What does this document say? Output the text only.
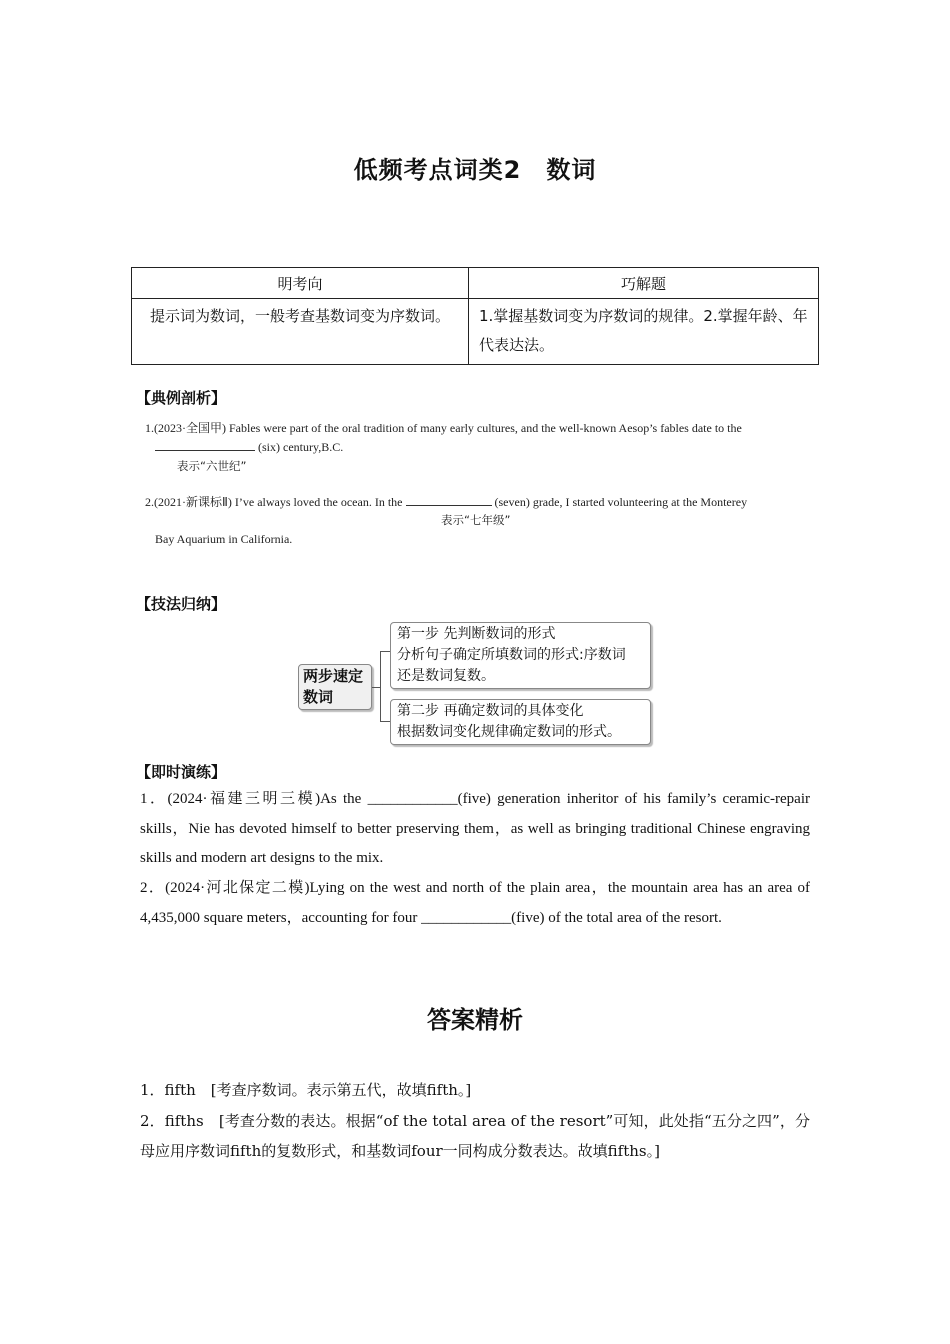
低频考点词类2　数词
明考向	巧解题
提示词为数词，一般考查基数词变为序数词。	1.掌握基数词变为序数词的规律。2.掌握年龄、年代表达法。
【典例剖析】
1.(2023·全国甲) Fables were part of the oral tradition of many early cultures, and the well-known Aesop’s fables date to the
(six) century,B.C.
表示“六世纪”
2.(2021·新课标Ⅱ) I’ve always loved the ocean. In the	(seven) grade, I started volunteering at the Monterey
表示“七年级”
Bay Aquarium in California.
【技法归纳】
两步速定数词
第一步 先判断数词的形式
分析句子确定所填数词的形式:序数词
还是数词复数。
第二步 再确定数词的具体变化
根据数词变化规律确定数词的形式。
【即时演练】
1．(2024·福建三明三模)As the ____________(five) generation inheritor of his family’s ceramic-repair skills，Nie has devoted himself to better preserving them，as well as bringing traditional Chinese engraving skills and modern art designs to the mix.
2．(2024·河北保定二模)Lying on the west and north of the plain area，the mountain area has an area of 4,435,000 square meters，accounting for four ____________(five) of the total area of the resort.
答案精析
1．fifth　[考查序数词。表示第五代，故填fifth。]
2．fifths　[考查分数的表达。根据“of the total area of the resort”可知，此处指“五分之四”，分母应用序数词fifth的复数形式，和基数词four一同构成分数表达。故填fifths。]
